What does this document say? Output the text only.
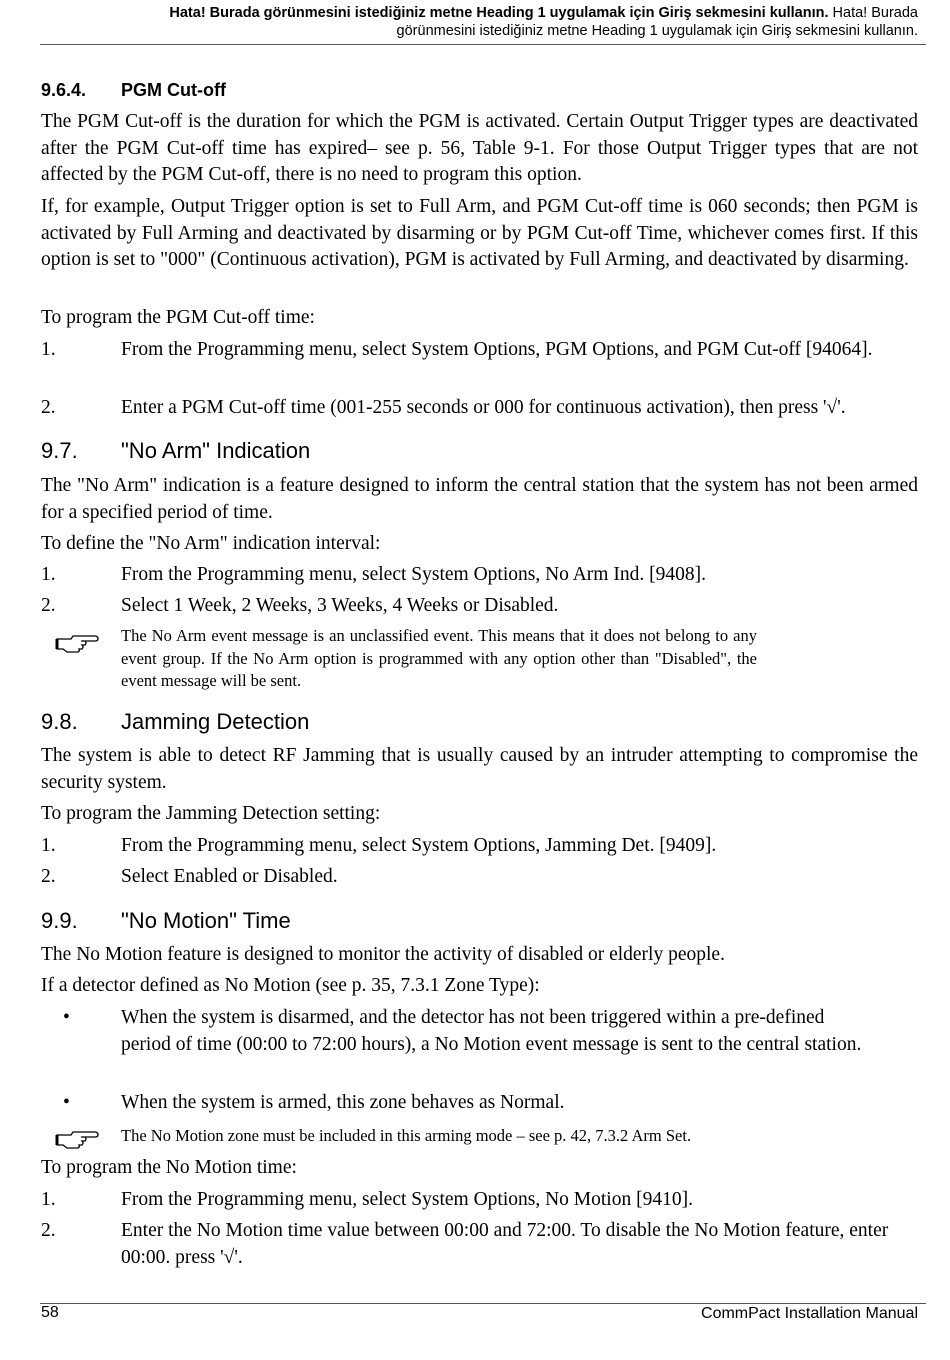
Hata! Burada görünmesini istediğiniz metne Heading 1 uygulamak için Giriş sekmesini kullanın. Hata! Burada
görünmesini istediğiniz metne Heading 1 uygulamak için Giriş sekmesini kullanın.
9.6.4. PGM Cut-off

The PGM Cut-off is the duration for which the PGM is activated. Certain Output Trigger types are deactivated after the PGM Cut-off time has expired– see p. 56, Table 9-1. For those Output Trigger types that are not affected by the PGM Cut-off, there is no need to program this option.

If, for example, Output Trigger option is set to Full Arm, and PGM Cut-off time is 060 seconds; then PGM is activated by Full Arming and deactivated by disarming or by PGM Cut-off Time, whichever comes first. If this option is set to "000" (Continuous activation), PGM is activated by Full Arming, and deactivated by disarming.

To program the PGM Cut-off time:

1.	From the Programming menu, select System Options, PGM Options, and PGM Cut-off [94064].
2.	Enter a PGM Cut-off time (001-255 seconds or 000 for continuous activation), then press '√'.
9.7. "No Arm" Indication

The "No Arm" indication is a feature designed to inform the central station that the system has not been armed for a specified period of time.

To define the "No Arm" indication interval:

1.	From the Programming menu, select System Options, No Arm Ind. [9408].
2.	Select 1 Week, 2 Weeks, 3 Weeks, 4 Weeks or Disabled.
The No Arm event message is an unclassified event. This means that it does not belong to any event group. If the No Arm option is programmed with any option other than "Disabled", the event message will be sent.
9.8. Jamming Detection

The system is able to detect RF Jamming that is usually caused by an intruder attempting to compromise the security system.

To program the Jamming Detection setting:

1.	From the Programming menu, select System Options, Jamming Det. [9409].
2.	Select Enabled or Disabled.
9.9. "No Motion" Time

The No Motion feature is designed to monitor the activity of disabled or elderly people.

If a detector defined as No Motion (see p. 35, 7.3.1 Zone Type):

•	When the system is disarmed, and the detector has not been triggered within a pre-defined period of time (00:00 to 72:00 hours), a No Motion event message is sent to the central station.
•	When the system is armed, this zone behaves as Normal.
The No Motion zone must be included in this arming mode – see p. 42, 7.3.2 Arm Set.

To program the No Motion time:

1.	From the Programming menu, select System Options, No Motion [9410].
2.	Enter the No Motion time value between 00:00 and 72:00. To disable the No Motion feature, enter 00:00. press '√'.
58	CommPact Installation Manual
